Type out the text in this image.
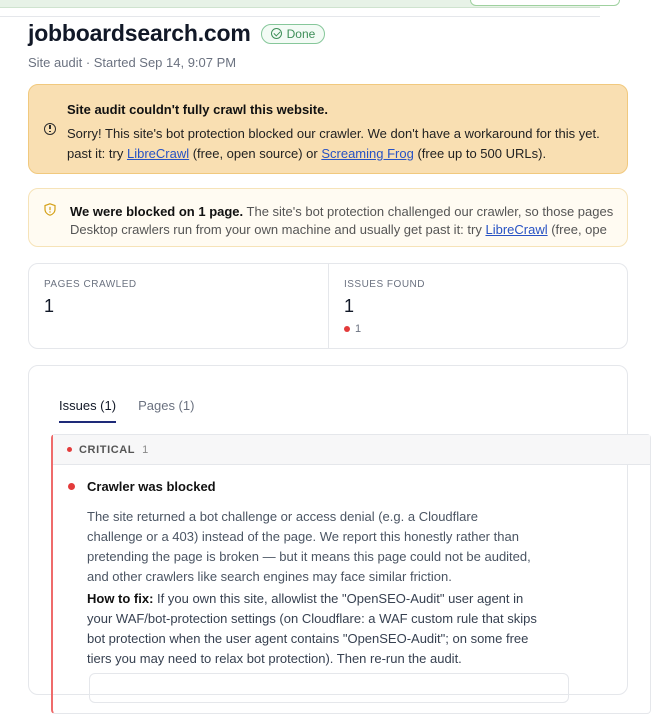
jobboardsearch.com	Done
Site audit · Started Sep 14, 9:07 PM
Site audit couldn't fully crawl this website.
Sorry! This site's bot protection blocked our crawler. We don't have a workaround for this yet.
past it: try LibreCrawl (free, open source) or Screaming Frog (free up to 500 URLs).
We were blocked on 1 page. The site's bot protection challenged our crawler, so those pages
Desktop crawlers run from your own machine and usually get past it: try LibreCrawl (free, ope
PAGES CRAWLED
1
ISSUES FOUND
1
1
Issues (1) Pages (1)
CRITICAL 1
Crawler was blocked
The site returned a bot challenge or access denial (e.g. a Cloudflare challenge or a 403) instead of the page. We report this honestly rather than pretending the page is broken — but it means this page could not be audited, and other crawlers like search engines may face similar friction.
How to fix: If you own this site, allowlist the "OpenSEO-Audit" user agent in your WAF/bot-protection settings (on Cloudflare: a WAF custom rule that skips bot protection when the user agent contains "OpenSEO-Audit"; on some free tiers you may need to relax bot protection). Then re-run the audit.
